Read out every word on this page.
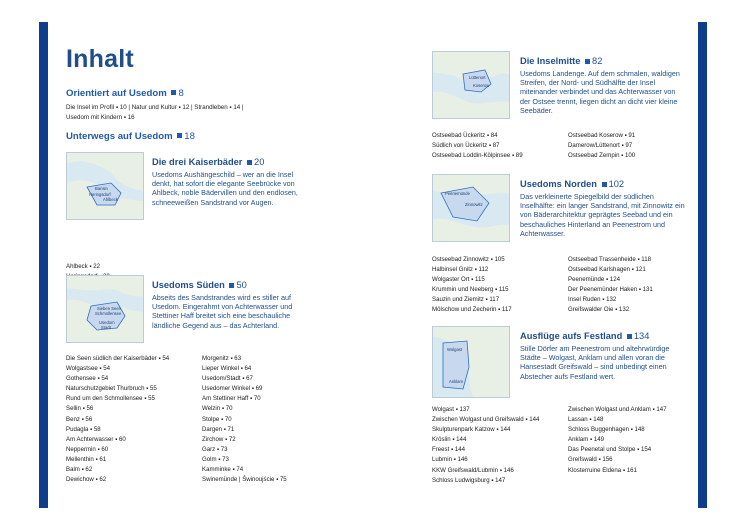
Inhalt
Orientiert auf Usedom 8
Die Insel im Profil ▪ 10 | Natur und Kultur ▪ 12 | Strandleben ▪ 14 |
Usedom mit Kindern ▪ 16
Unterwegs auf Usedom 18
Bansin
Heringsdorf
Ahlbeck
Die drei Kaiserbäder 20
Usedoms Aushängeschild – wer an die Insel denkt, hat sofort die elegante Seebrücke von Ahlbeck, noble Bädervillen und den endlosen, schneeweißen Sandstrand vor Augen.
Ahlbeck ▪ 22
Sieben Seen
Schmollensee
Usedom
Stadt
Usedoms Süden 50
Abseits des Sandstrandes wird es stiller auf Usedom. Eingerahmt von Achterwasser und Stettiner Haff breitet sich eine beschauliche ländliche Gegend aus – das Achterland.
Die Seen südlich der Kaiserbäder ▪ 54
Wolgastsee ▪ 54
Gothensee ▪ 54
Naturschutzgebiet Thurbruch ▪ 55
Rund um den Schmollensee ▪ 55
Sellin ▪ 56
Benz ▪ 56
Pudagla ▪ 58
Am Achterwasser ▪ 60
Neppermin ▪ 60
Mellenthin ▪ 61
Balm ▪ 62
Dewichow ▪ 62
Morgenitz ▪ 63
Lieper Winkel ▪ 64
Usedom/Stadt ▪ 67
Usedomer Winkel ▪ 69
Am Stettiner Haff ▪ 70
Welzin ▪ 70
Stolpe ▪ 70
Dargen ▪ 71
Zirchow ▪ 72
Garz ▪ 73
Golm ▪ 73
Kamminke ▪ 74
Swinemünde | Świnoujście ▪ 75
Lüttenort
Koserow
Die Inselmitte 82
Usedoms Landenge. Auf dem schmalen, waldigen Streifen, der Nord- und Südhälfte der Insel miteinander verbindet und das Achterwasser von der Ostsee trennt, liegen dicht an dicht vier kleine Seebäder.
Ostseebad Ückeritz ▪ 84
Südlich von Ückeritz ▪ 87
Ostseebad Loddin-Kölpinsee ▪ 89
Ostseebad Koserow ▪ 91
Damerow/Lüttenort ▪ 97
Ostseebad Zempin ▪ 100
Peenemünde
Zinnowitz
Usedoms Norden 102
Das verkleinerte Spiegelbild der südlichen Inselhälfte: ein langer Sandstrand, mit Zinnowitz ein von Bäderarchitektur geprägtes Seebad und ein beschauliches Hinterland an Peenestrom und Achterwasser.
Ostseebad Zinnowitz ▪ 105
Halbinsel Gnitz ▪ 112
Wolgaster Ort ▪ 115
Krummin und Neeberg ▪ 115
Sauzin und Ziemitz ▪ 117
Mölschow und Zecherin ▪ 117
Ostseebad Trassenheide ▪ 118
Ostseebad Karlshagen ▪ 121
Peenemünde ▪ 124
Der Peenemünder Haken ▪ 131
Insel Ruden ▪ 132
Greifswalder Oie ▪ 132
Wolgast
Anklam
Ausflüge aufs Festland 134
Stille Dörfer am Peenestrom und altehrwürdige Städte – Wolgast, Anklam und allen voran die Hansestadt Greifswald – sind unbedingt einen Abstecher aufs Festland wert.
Wolgast ▪ 137
Zwischen Wolgast und Greifswald ▪ 144
Skulpturenpark Katzow ▪ 144
Kröslin ▪ 144
Freest ▪ 144
Lubmin ▪ 146
KKW Greifswald/Lubmin ▪ 146
Schloss Ludwigsburg ▪ 147
Zwischen Wolgast und Anklam ▪ 147
Lassan ▪ 148
Schloss Buggenhagen ▪ 148
Anklam ▪ 149
Das Peenetal und Stolpe ▪ 154
Greifswald ▪ 156
Klosterruine Eldena ▪ 161
